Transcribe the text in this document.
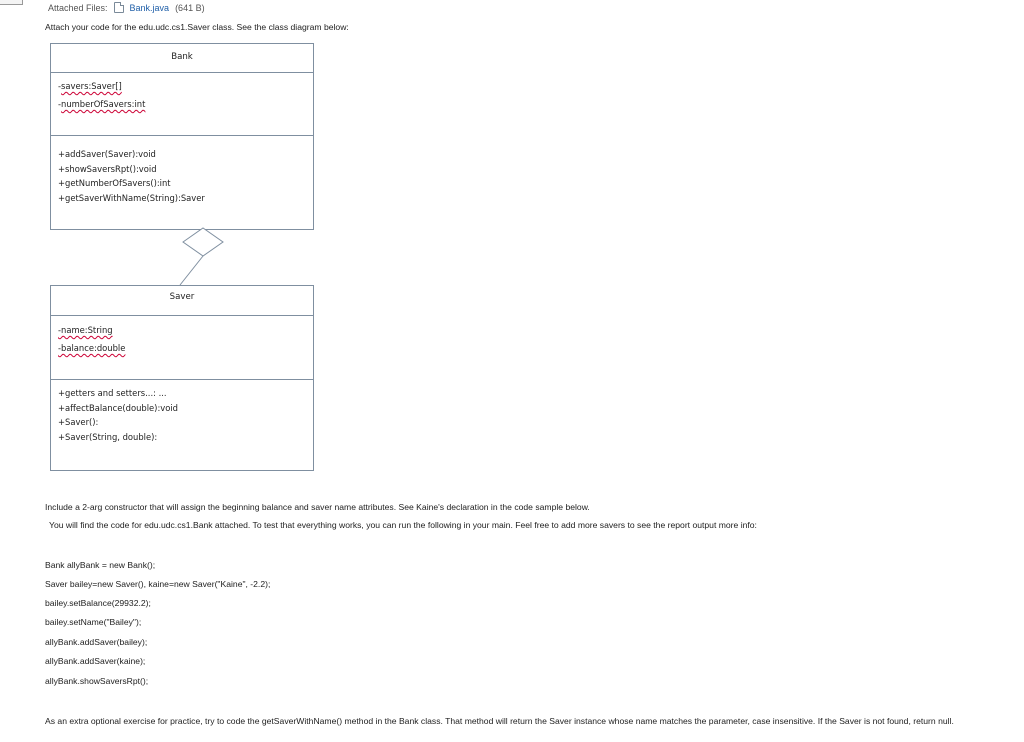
Attached Files: Bank.java (641 B)
Attach your code for the edu.udc.cs1.Saver class. See the class diagram below:
Bank
-savers:Saver[]
-numberOfSavers:int
+addSaver(Saver):void
+showSaversRpt():void
+getNumberOfSavers():int
+getSaverWithName(String):Saver
Saver
-name:String
-balance:double
+getters and setters...: ...
+affectBalance(double):void
+Saver():
+Saver(String, double):
Include a 2-arg constructor that will assign the beginning balance and saver name attributes. See Kaine's declaration in the code sample below.
You will find the code for edu.udc.cs1.Bank attached. To test that everything works, you can run the following in your main. Feel free to add more savers to see the report output more info:
Bank allyBank = new Bank();
Saver bailey=new Saver(), kaine=new Saver("Kaine", -2.2);
bailey.setBalance(29932.2);
bailey.setName("Bailey");
allyBank.addSaver(bailey);
allyBank.addSaver(kaine);
allyBank.showSaversRpt();
As an extra optional exercise for practice, try to code the getSaverWithName() method in the Bank class. That method will return the Saver instance whose name matches the parameter, case insensitive. If the Saver is not found, return null.
